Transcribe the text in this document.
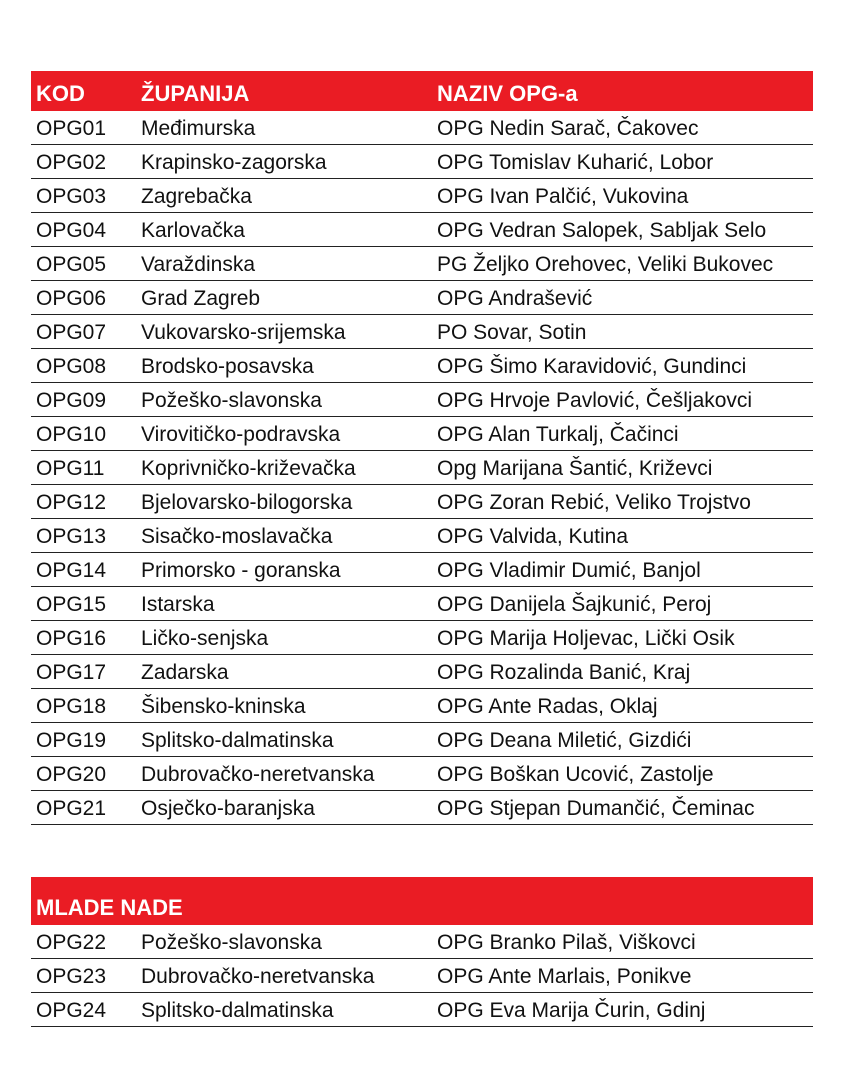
KOD	ŽUPANIJA	NAZIV OPG-a
OPG01 Međimurska	OPG Nedin Sarač, Čakovec
OPG02 Krapinsko-zagorska	OPG Tomislav Kuharić, Lobor
OPG03 Zagrebačka	OPG Ivan Palčić, Vukovina
OPG04 Karlovačka	OPG Vedran Salopek, Sabljak Selo
OPG05 Varaždinska	PG Željko Orehovec, Veliki Bukovec
OPG06 Grad Zagreb	OPG Andrašević
OPG07 Vukovarsko-srijemska	PO Sovar, Sotin
OPG08 Brodsko-posavska	OPG Šimo Karavidović, Gundinci
OPG09 Požeško-slavonska	OPG Hrvoje Pavlović, Češljakovci
OPG10 Virovitičko-podravska	OPG Alan Turkalj, Čačinci
OPG11 Koprivničko-križevačka	Opg Marijana Šantić, Križevci
OPG12 Bjelovarsko-bilogorska	OPG Zoran Rebić, Veliko Trojstvo
OPG13 Sisačko-moslavačka	OPG Valvida, Kutina
OPG14 Primorsko - goranska	OPG Vladimir Dumić, Banjol
OPG15 Istarska	OPG Danijela Šajkunić, Peroj
OPG16 Ličko-senjska	OPG Marija Holjevac, Lički Osik
OPG17 Zadarska	OPG Rozalinda Banić, Kraj
OPG18 Šibensko-kninska	OPG Ante Radas, Oklaj
OPG19 Splitsko-dalmatinska	OPG Deana Miletić, Gizdići
OPG20 Dubrovačko-neretvanska	OPG Boškan Ucović, Zastolje
OPG21 Osječko-baranjska	OPG Stjepan Dumančić, Čeminac
MLADE NADE
OPG22 Požeško-slavonska	OPG Branko Pilaš, Viškovci
OPG23 Dubrovačko-neretvanska	OPG Ante Marlais, Ponikve
OPG24 Splitsko-dalmatinska	OPG Eva Marija Čurin, Gdinj
